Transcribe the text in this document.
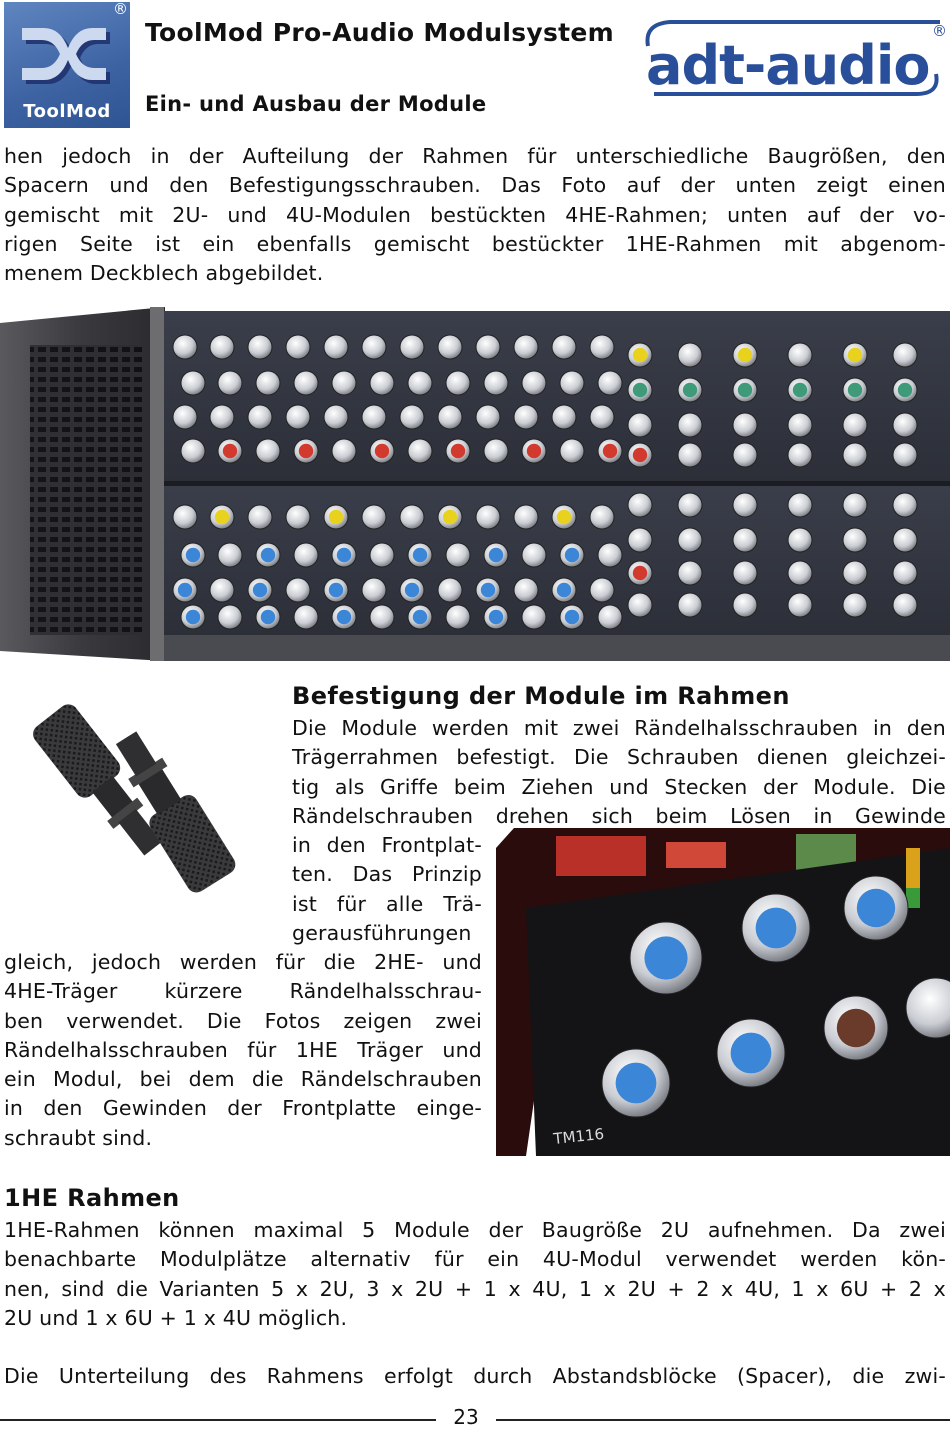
®
ToolMod
ToolMod Pro-Audio Modulsystem
Ein- und Ausbau der Module
adt-audio
®
hen jedoch in der Aufteilung der Rahmen für unterschiedliche Baugrößen, den
Spacern und den Befestigungsschrauben. Das Foto auf der unten zeigt einen
gemischt mit 2U- und 4U-Modulen bestückten 4HE-Rahmen; unten auf der vo-
rigen Seite ist ein ebenfalls gemischt bestückter 1HE-Rahmen mit abgenom-
menem Deckblech abgebildet.
TM116
Befestigung der Module im Rahmen
Die Module werden mit zwei Rändelhalsschrauben in den
Trägerrahmen befestigt. Die Schrauben dienen gleichzei-
tig als Griffe beim Ziehen und Stecken der Module. Die
Rändelschrauben drehen sich beim Lösen in Gewinde
in den Frontplat-
ten. Das Prinzip
ist für alle Trä-
gerausführungen
gleich, jedoch werden für die 2HE- und
4HE-Träger kürzere Rändelhalsschrau-
ben verwendet. Die Fotos zeigen zwei
Rändelhalsschrauben für 1HE Träger und
ein Modul, bei dem die Rändelschrauben
in den Gewinden der Frontplatte einge-
schraubt sind.
1HE Rahmen
1HE-Rahmen können maximal 5 Module der Baugröße 2U aufnehmen. Da zwei
benachbarte Modulplätze alternativ für ein 4U-Modul verwendet werden kön-
nen, sind die Varianten 5 x 2U, 3 x 2U + 1 x 4U, 1 x 2U + 2 x 4U, 1 x 6U + 2 x
2U und 1 x 6U + 1 x 4U möglich.
Die Unterteilung des Rahmens erfolgt durch Abstandsblöcke (Spacer), die zwi-
23
